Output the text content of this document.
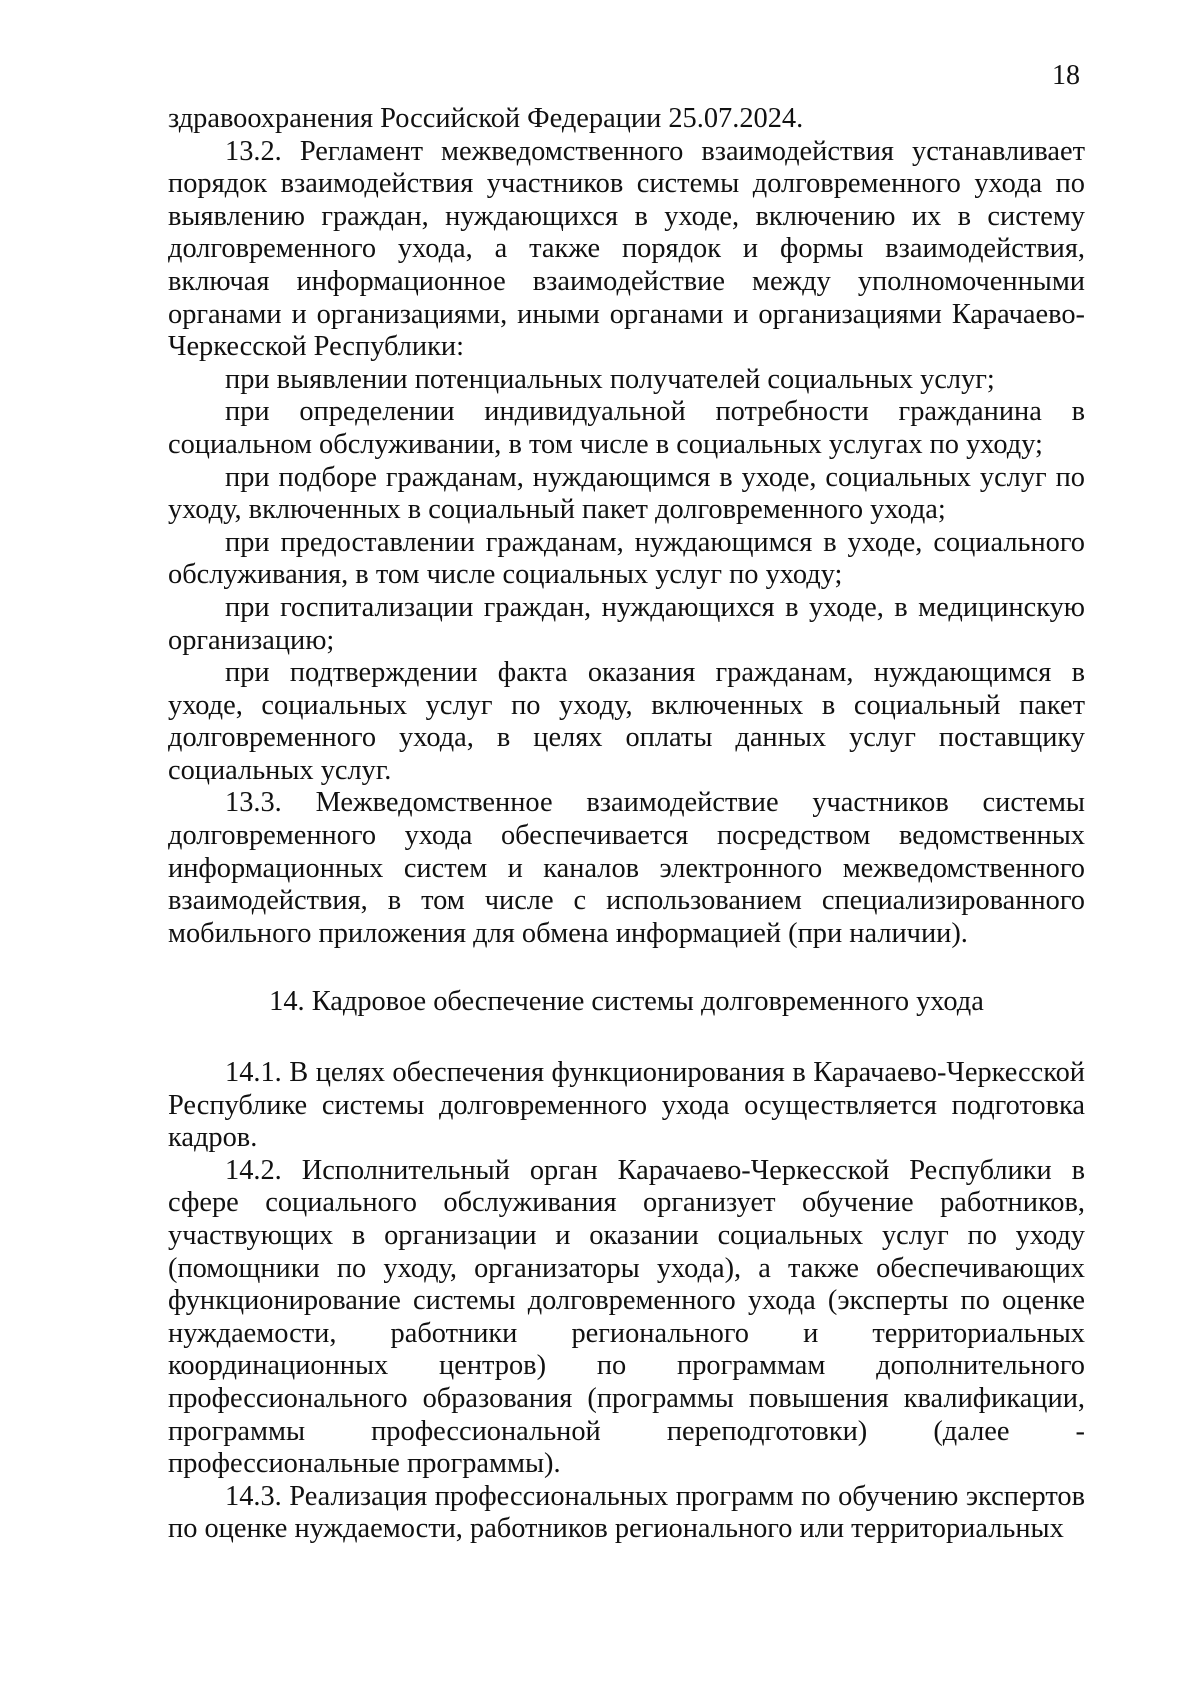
18

здравоохранения Российской Федерации 25.07.2024.

13.2. Регламент межведомственного взаимодействия устанавливает порядок взаимодействия участников системы долговременного ухода по выявлению граждан, нуждающихся в уходе, включению их в систему долговременного ухода, а также порядок и формы взаимодействия, включая информационное взаимодействие между уполномоченными органами и организациями, иными органами и организациями Карачаево-Черкесской Республики:

при выявлении потенциальных получателей социальных услуг;

при определении индивидуальной потребности гражданина в социальном обслуживании, в том числе в социальных услугах по уходу;

при подборе гражданам, нуждающимся в уходе, социальных услуг по уходу, включенных в социальный пакет долговременного ухода;

при предоставлении гражданам, нуждающимся в уходе, социального обслуживания, в том числе социальных услуг по уходу;

при госпитализации граждан, нуждающихся в уходе, в медицинскую организацию;

при подтверждении факта оказания гражданам, нуждающимся в уходе, социальных услуг по уходу, включенных в социальный пакет долговременного ухода, в целях оплаты данных услуг поставщику социальных услуг.

13.3. Межведомственное взаимодействие участников системы долговременного ухода обеспечивается посредством ведомственных информационных систем и каналов электронного межведомственного взаимодействия, в том числе с использованием специализированного мобильного приложения для обмена информацией (при наличии).

14. Кадровое обеспечение системы долговременного ухода

14.1. В целях обеспечения функционирования в Карачаево-Черкесской Республике системы долговременного ухода осуществляется подготовка кадров.

14.2. Исполнительный орган Карачаево-Черкесской Республики в сфере социального обслуживания организует обучение работников, участвующих в организации и оказании социальных услуг по уходу (помощники по уходу, организаторы ухода), а также обеспечивающих функционирование системы долговременного ухода (эксперты по оценке нуждаемости, работники регионального и территориальных координационных центров) по программам дополнительного профессионального образования (программы повышения квалификации, программы профессиональной переподготовки) (далее - профессиональные программы).

14.3. Реализация профессиональных программ по обучению экспертов по оценке нуждаемости, работников регионального или территориальных
